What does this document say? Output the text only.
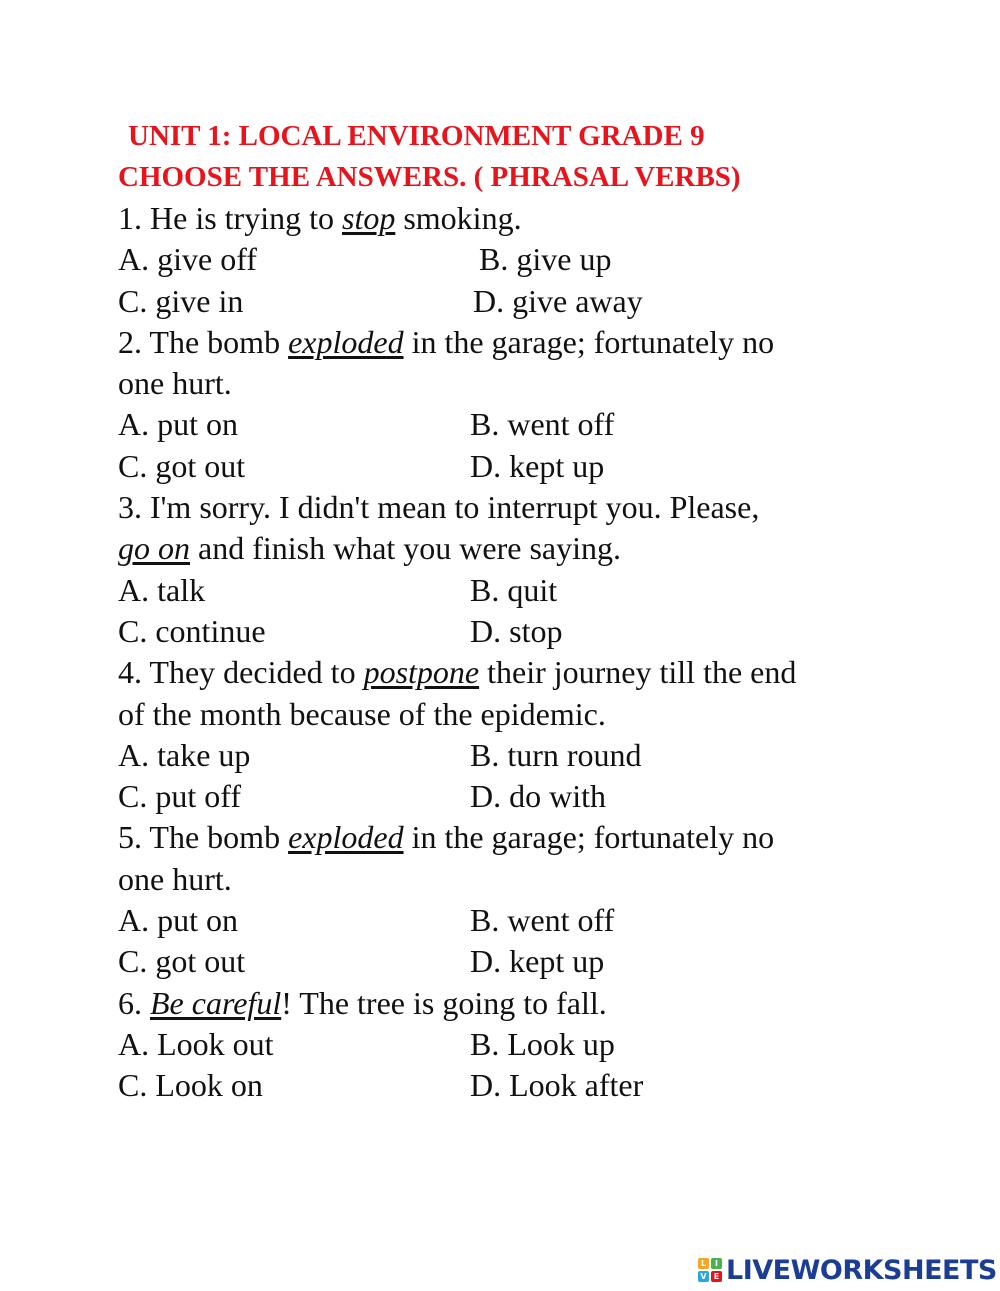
UNIT 1: LOCAL ENVIRONMENT GRADE 9
CHOOSE THE ANSWERS. ( PHRASAL VERBS)
1. He is trying to stop smoking.
A. give off	B. give up
C. give in	D. give away
2. The bomb exploded in the garage; fortunately no
one hurt.
A. put on	B. went off
C. got out	D. kept up
3. I'm sorry. I didn't mean to interrupt you. Please,
go on and finish what you were saying.
A. talk	B. quit
C. continue	D. stop
4. They decided to postpone their journey till the end
of the month because of the epidemic.
A. take up	B. turn round
C. put off	D. do with
5. The bomb exploded in the garage; fortunately no
one hurt.
A. put on	B. went off
C. got out	D. kept up
6. Be careful! The tree is going to fall.
A. Look out	B. Look up
C. Look on	D. Look after
L	I
V E LIVEWORKSHEETS
